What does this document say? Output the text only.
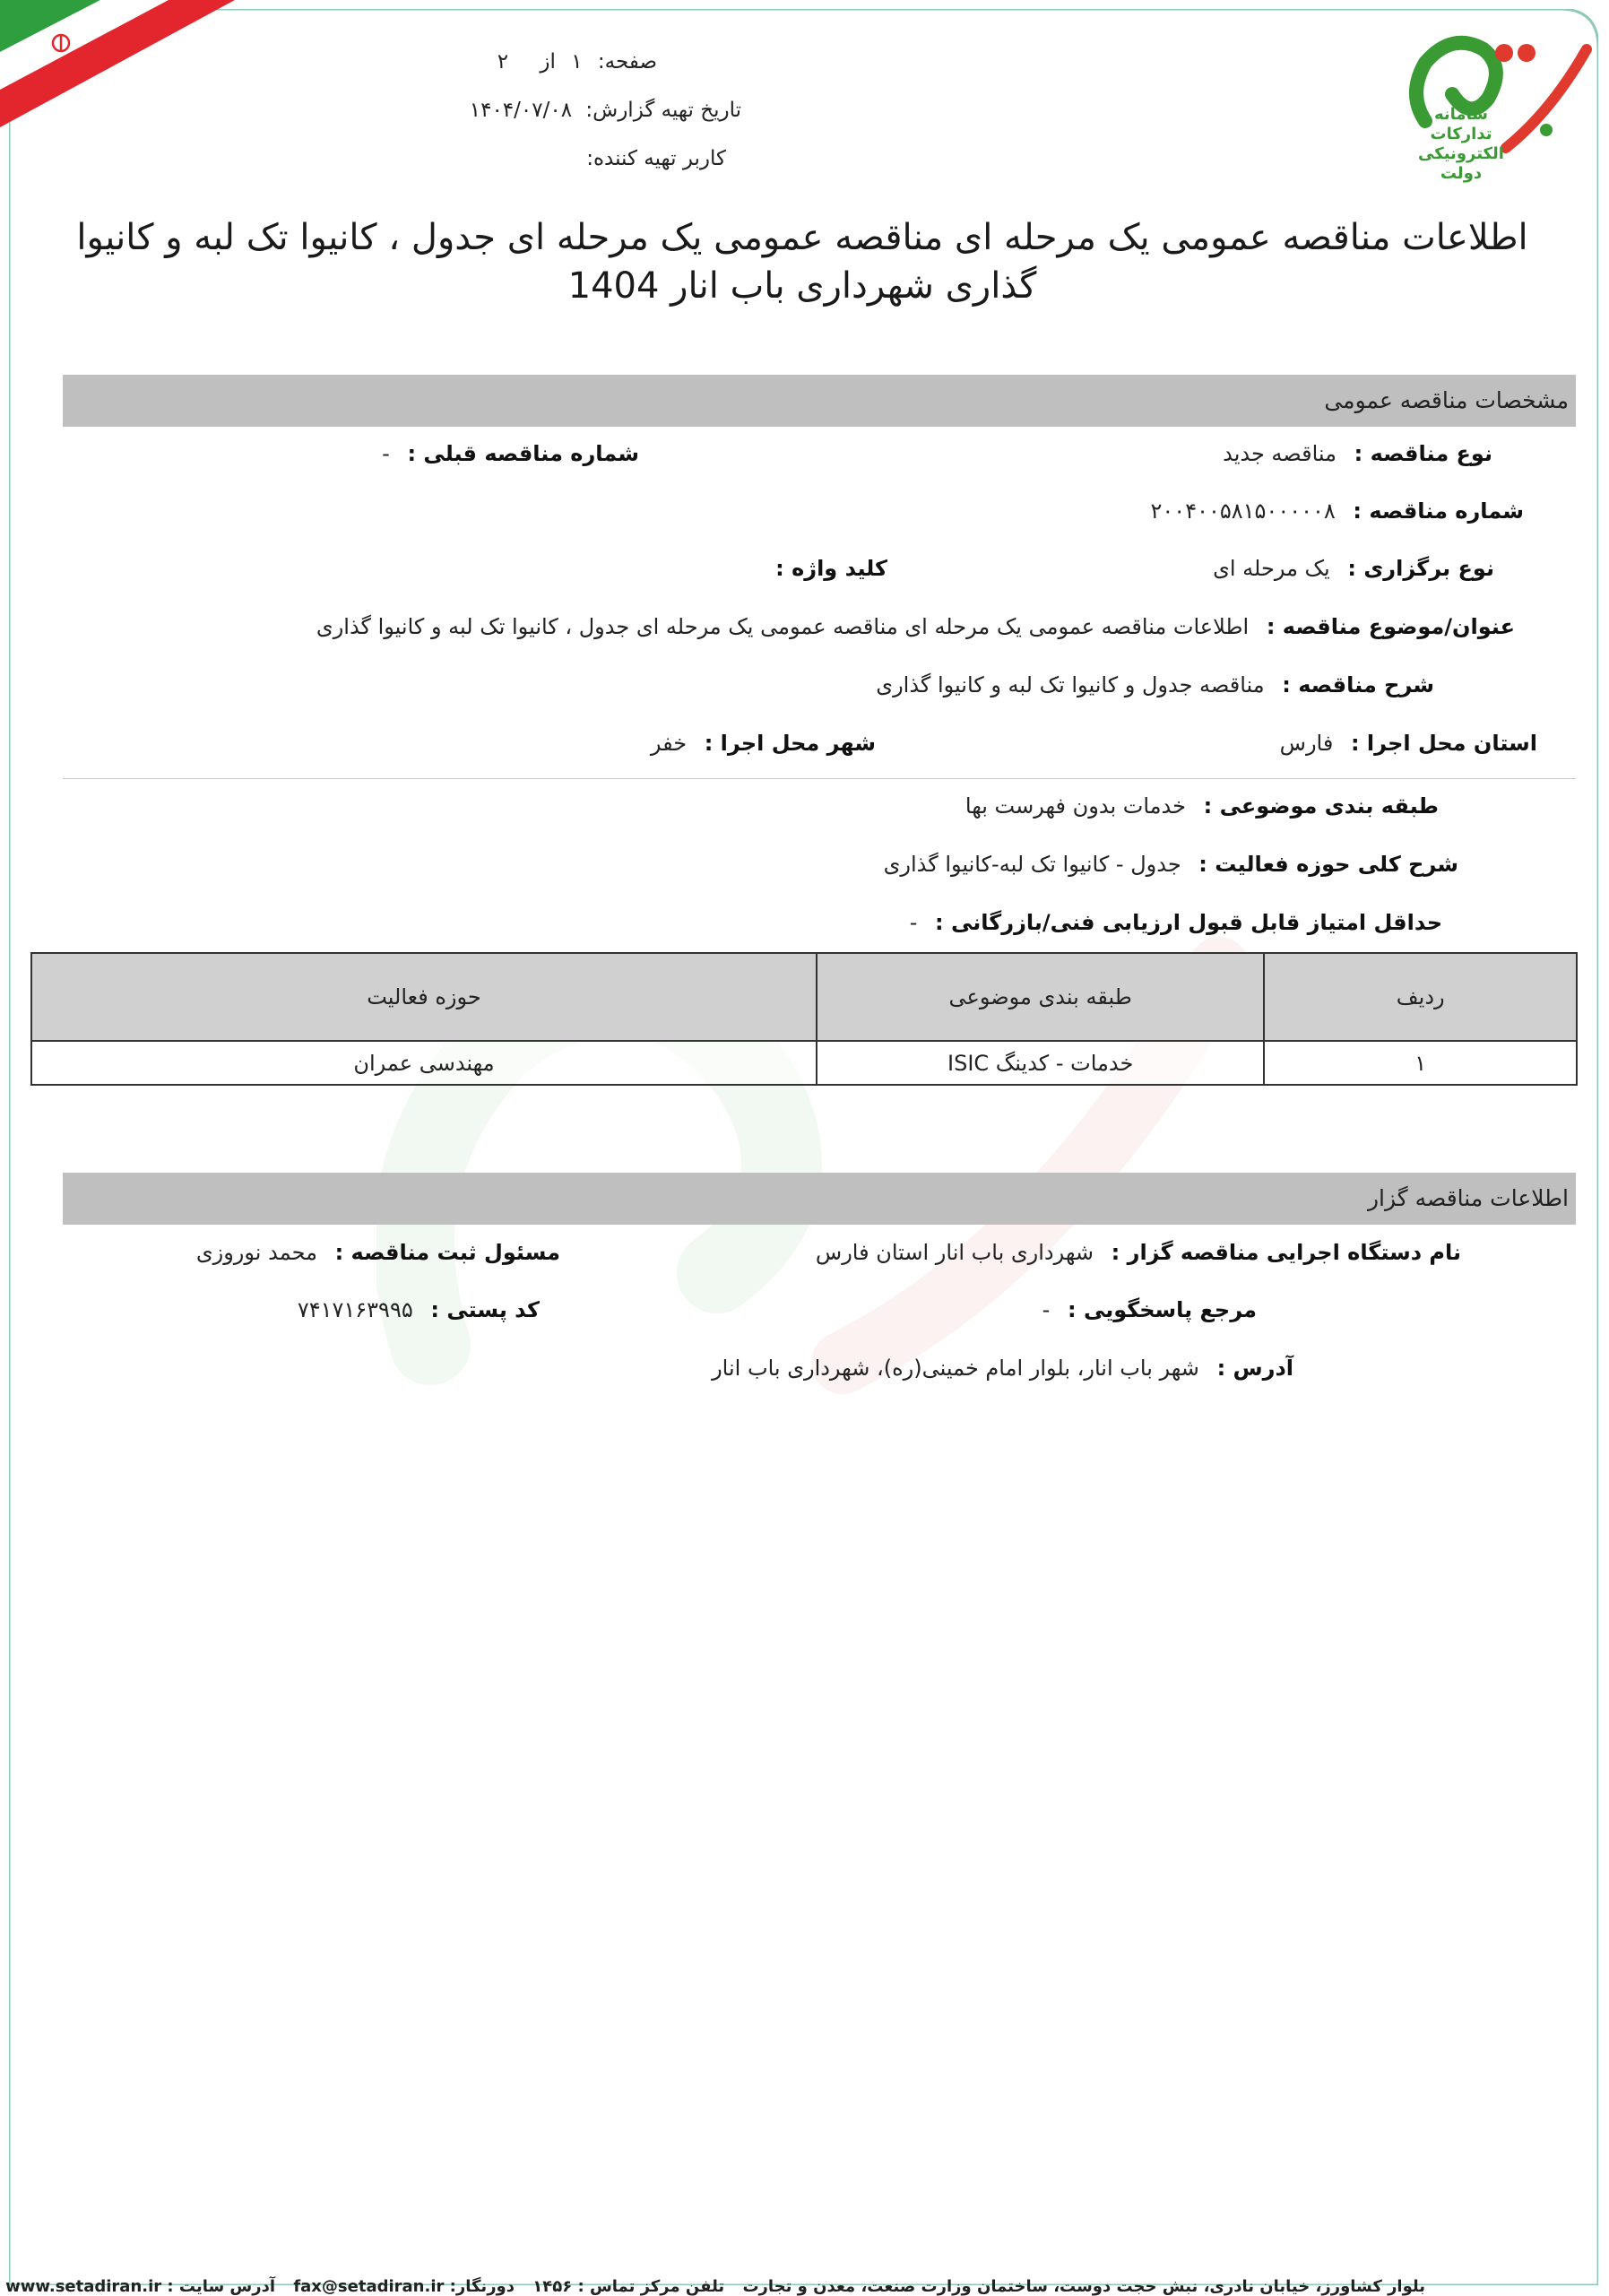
سامانه
تدارکات
الکترونیکی
دولت
صفحه: ۱ از ۲
تاریخ تهیه گزارش: ۱۴۰۴/۰۷/۰۸
کاربر تهیه کننده:
اطلاعات مناقصه عمومی یک مرحله ای مناقصه عمومی یک مرحله ای جدول ، کانیوا تک لبه و کانیوا گذاری شهرداری باب انار 1404
مشخصات مناقصه عمومی
نوع مناقصه : مناقصه جدید
شماره مناقصه قبلی : -
شماره مناقصه : ۲۰۰۴۰۰۵۸۱۵۰۰۰۰۰۸
نوع برگزاری : یک مرحله ای
کلید واژه :
عنوان/موضوع مناقصه : اطلاعات مناقصه عمومی یک مرحله ای مناقصه عمومی یک مرحله ای جدول ، کانیوا تک لبه و کانیوا گذاری
شرح مناقصه : مناقصه جدول و کانیوا تک لبه و کانیوا گذاری
استان محل اجرا : فارس
شهر محل اجرا : خفر
طبقه بندی موضوعی : خدمات بدون فهرست بها
شرح کلی حوزه فعالیت : جدول - کانیوا تک لبه-کانیوا گذاری
حداقل امتیاز قابل قبول ارزیابی فنی/بازرگانی : -
ردیف	طبقه بندی موضوعی	حوزه فعالیت
۱	خدمات - کدینگ ISIC	مهندسی عمران
اطلاعات مناقصه گزار
نام دستگاه اجرایی مناقصه گزار : شهرداری باب انار استان فارس
مسئول ثبت مناقصه : محمد نوروزی
مرجع پاسخگویی : -
کد پستی : ۷۴۱۷۱۶۳۹۹۵
آدرس : شهر باب انار، بلوار امام خمینی(ره)، شهرداری باب انار
بلوار کشاورز، خیابان نادری، نبش حجت دوست، ساختمان وزارت صنعت، معدن و تجارت تلفن مرکز تماس : ۱۴۵۶ دورنگار: fax@setadiran.ir آدرس سایت : www.setadiran.ir
